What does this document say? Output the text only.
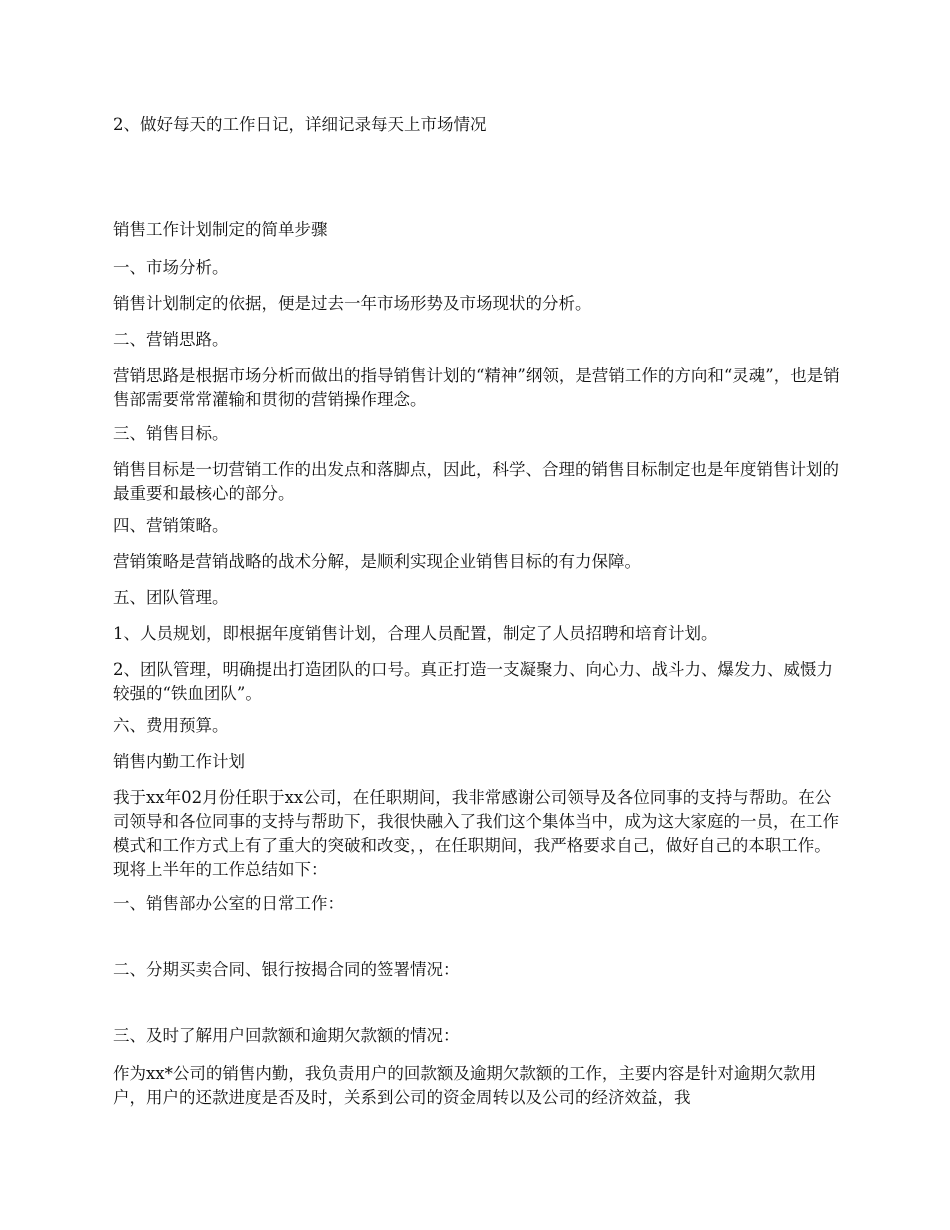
2、做好每天的工作日记，详细记录每天上市场情况

销售工作计划制定的简单步骤

一、市场分析。

销售计划制定的依据，便是过去一年市场形势及市场现状的分析。

二、营销思路。

营销思路是根据市场分析而做出的指导销售计划的“精神”纲领，是营销工作的方向和“灵魂”，也是销售部需要常常灌输和贯彻的营销操作理念。

三、销售目标。

销售目标是一切营销工作的出发点和落脚点，因此，科学、合理的销售目标制定也是年度销售计划的最重要和最核心的部分。

四、营销策略。

营销策略是营销战略的战术分解，是顺利实现企业销售目标的有力保障。

五、团队管理。

1、人员规划，即根据年度销售计划，合理人员配置，制定了人员招聘和培育计划。

2、团队管理，明确提出打造团队的口号。真正打造一支凝聚力、向心力、战斗力、爆发力、威慑力较强的“铁血团队”。

六、费用预算。

销售内勤工作计划

我于xx年02月份任职于xx公司，在任职期间，我非常感谢公司领导及各位同事的支持与帮助。在公司领导和各位同事的支持与帮助下，我很快融入了我们这个集体当中，成为这大家庭的一员，在工作模式和工作方式上有了重大的突破和改变，，在任职期间，我严格要求自己，做好自己的本职工作。现将上半年的工作总结如下：

一、销售部办公室的日常工作：

二、分期买卖合同、银行按揭合同的签署情况：

三、及时了解用户回款额和逾期欠款额的情况：

作为xx*公司的销售内勤，我负责用户的回款额及逾期欠款额的工作，主要内容是针对逾期欠款用户，用户的还款进度是否及时，关系到公司的资金周转以及公司的经济效益，我
